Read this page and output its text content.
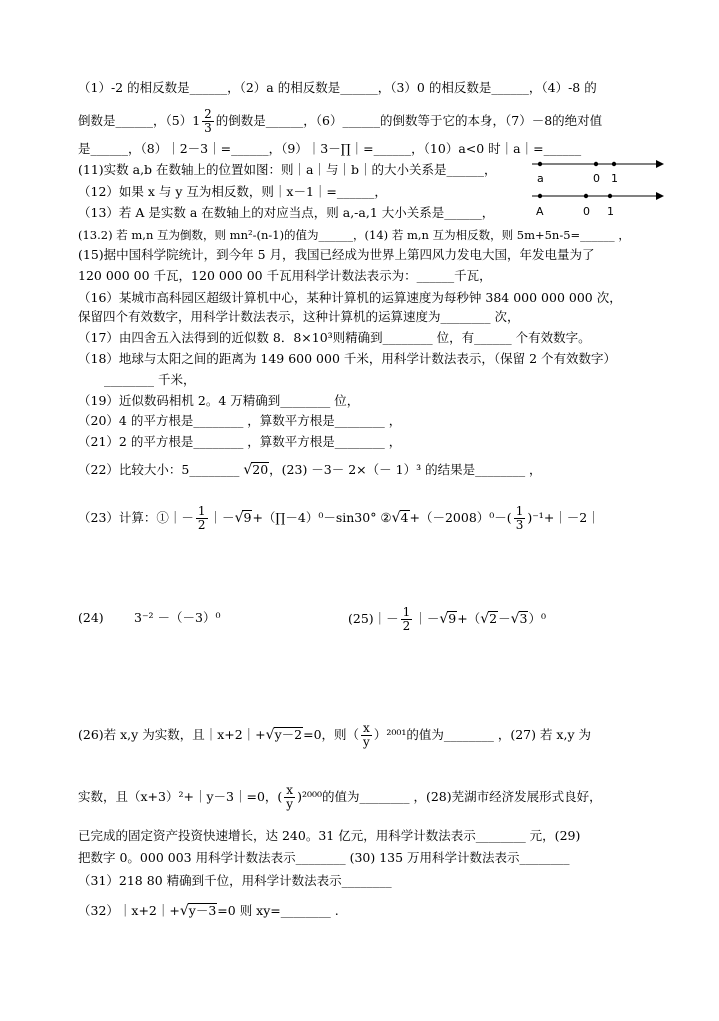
（1）-2 的相反数是______，（2）a 的相反数是______，（3）0 的相反数是______，（4）-8 的
倒数是______，$(5)1 \frac{2}{3}$ 的倒数是______，（6）______的倒数等于它的本身，（7）－8的绝对值
是______，（8）｜2－3｜=______，（9）｜3－∏｜=______，（10）a<0 时｜a｜=______
(11)实数 a,b 在数轴上的位置如图：则｜a｜与｜b｜的大小关系是______，
（12）如果 x 与 y 互为相反数，则｜x－1｜=______，
（13）若 A 是实数 a 在数轴上的对应当点，则 a,-a,1 大小关系是______，
a	0 1
A	0 1
(13.2) 若 m,n 互为倒数，则 mn²-(n-1)的值为______，(14) 若 m,n 互为相反数，则 5m+5n-5=______ ，
(15)据中国科学院统计，到今年 5 月，我国已经成为世界上第四风力发电大国，年发电量为了
120 000 00 千瓦，120 000 00 千瓦用科学计数法表示为：______千瓦，
（16）某城市高科园区超级计算机中心，某种计算机的运算速度为每秒钟 384 000 000 000 次，
保留四个有效数字，用科学计数法表示，这种计算机的运算速度为________ 次，
（17）由四舍五入法得到的近似数 8．8×10³则精确到________ 位，有______ 个有效数字。
（18）地球与太阳之间的距离为 149 600 000 千米，用科学计数法表示，（保留 2 个有效数字）
________ 千米，
（19）近似数码相机 2。4 万精确到________ 位，
（20）4 的平方根是________ ，算数平方根是________ ，
（21）2 的平方根是________ ，算数平方根是________ ，
（22）比较大小：5________ √20，(23) －3－ 2×（－ 1）³ 的结果是________ ，
（23）计算：①｜－ $\frac{1}{2}$ ｜－√9+（∏－4）⁰－sin30° ②√4+（－2008）⁰－( $\frac{1}{3}$ )⁻¹+｜－2｜
(24) 3⁻² －（－3）⁰	(25)｜－ $\frac{1}{2}$ ｜－√9+（√2－√3）⁰
(26)若 x,y 为实数，且｜x+2｜+√y－2=0，则（ $\frac{x}{y} )^{2001}$的值为________ ，(27) 若 x,y 为
实数，且（x+3）²+｜y－3｜=0，( $\frac{x}{y} )^{2000}$的值为________ ，(28)芜湖市经济发展形式良好，
已完成的固定资产投资快速增长，达 240。31 亿元，用科学计数法表示________ 元，(29)
把数字 0。000 003 用科学计数法表示________ (30) 135 万用科学计数法表示________
（31）218 80 精确到千位，用科学计数法表示________
（32）｜x+2｜+√y－3=0 则 xy=________ .
